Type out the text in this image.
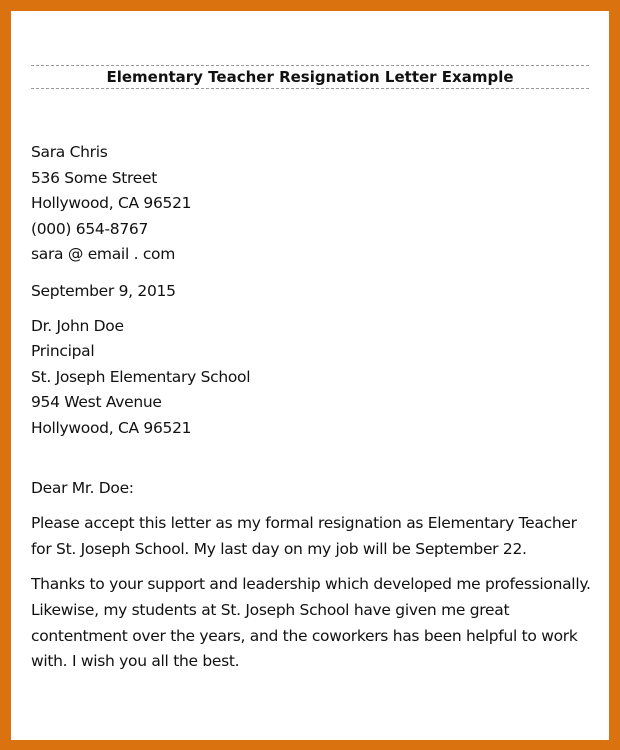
Elementary Teacher Resignation Letter Example
Sara Chris
536 Some Street
Hollywood, CA 96521
(000) 654-8767
sara @ email . com
September 9, 2015
Dr. John Doe
Principal
St. Joseph Elementary School
954 West Avenue
Hollywood, CA 96521
Dear Mr. Doe:

Please accept this letter as my formal resignation as Elementary Teacher for St. Joseph School. My last day on my job will be September 22.

Thanks to your support and leadership which developed me professionally. Likewise, my students at St. Joseph School have given me great contentment over the years, and the coworkers has been helpful to work with. I wish you all the best.
